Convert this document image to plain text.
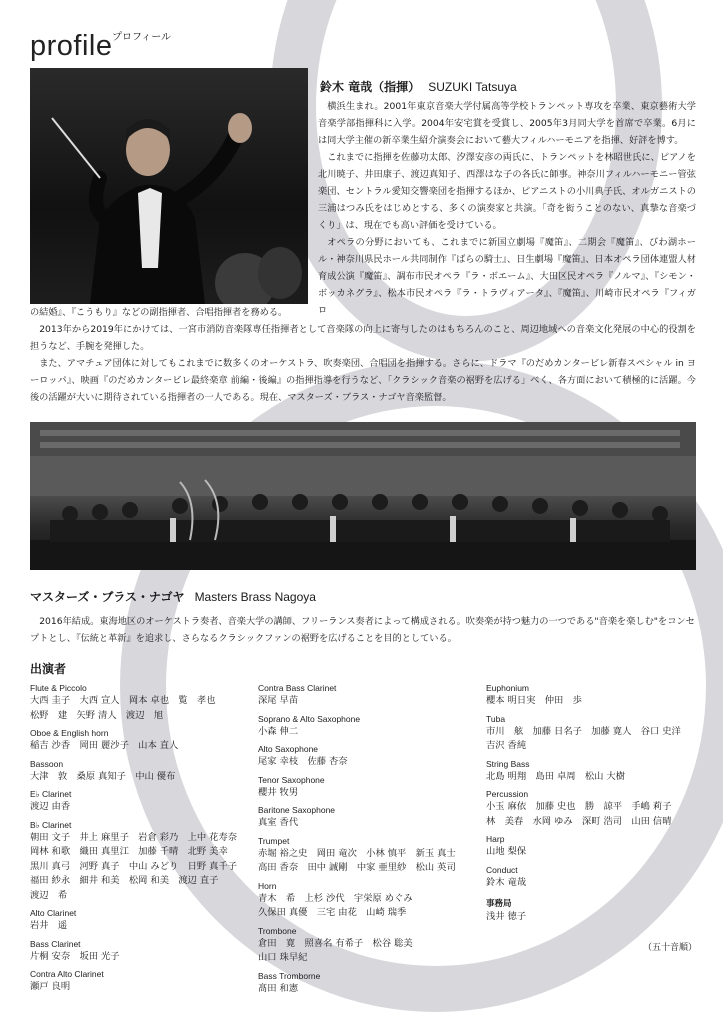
profile プロフィール
鈴木 竜哉（指揮） SUZUKI Tatsuya

横浜生まれ。2001年東京音楽大学付属高等学校トランペット専攻を卒業、東京藝術大学音楽学部指揮科に入学。2004年安宅賞を受賞し、2005年3月同大学を首席で卒業。6月には同大学主催の新卒業生紹介演奏会において藝大フィルハーモニアを指揮、好評を博す。

これまでに指揮を佐藤功太郎、汐澤安彦の両氏に、トランペットを林昭世氏に、ピアノを北川暁子、井田康子、渡辺真知子、西澤はな子の各氏に師事。神奈川フィルハーモニー管弦楽団、セントラル愛知交響楽団を指揮するほか、ピアニストの小川典子氏、オルガニストの三浦はつみ氏をはじめとする、多くの演奏家と共演。「奇を衒うことのない、真摯な音楽づくり」は、現在でも高い評価を受けている。

オペラの分野においても、これまでに新国立劇場『魔笛』、二期会『魔笛』、びわ湖ホール・神奈川県民ホール共同制作『ばらの騎士』、日生劇場『魔笛』、日本オペラ団体連盟人材育成公演『魔笛』、調布市民オペラ『ラ・ボエーム』、大田区民オペラ『ノルマ』、『シモン・ボッカネグラ』、松本市民オペラ『ラ・トラヴィアータ』、『魔笛』、川崎市民オペラ『フィガロ

の結婚』、『こうもり』などの副指揮者、合唱指揮者を務める。

2013年から2019年にかけては、一宮市消防音楽隊専任指揮者として音楽隊の向上に寄与したのはもちろんのこと、周辺地域への音楽文化発展の中心的役割を担うなど、手腕を発揮した。

また、アマチュア団体に対してもこれまでに数多くのオーケストラ、吹奏楽団、合唱団を指揮する。さらに、ドラマ『のだめカンタービレ新春スペシャル in ヨーロッパ』、映画『のだめカンタービレ最終楽章 前編・後編』の指揮指導を行うなど、「クラシック音楽の裾野を広げる」べく、各方面において積極的に活躍。今後の活躍が大いに期待されている指揮者の一人である。現在、マスターズ・ブラス・ナゴヤ音楽監督。

マスターズ・ブラス・ナゴヤ Masters Brass Nagoya

2016年結成。東海地区のオーケストラ奏者、音楽大学の講師、フリーランス奏者によって構成される。吹奏楽が持つ魅力の一つである"音楽を楽しむ"をコンセプトとし、『伝統と革新』を追求し、さらなるクラシックファンの裾野を広げることを目的としている。

出演者
Flute & Piccolo
大西 圭子　大西 宣人　岡本 卓也　覧　孝也
松野　建　矢野 清人　渡辺　旭
Oboe & English horn
稲吉 沙香　岡田 麗沙子　山本 直人
Bassoon
大津　敦　桑原 真知子　中山 優布
E♭ Clarinet
渡辺 由香
B♭ Clarinet
朝田 文子　井上 麻里子　岩倉 彩乃　上中 花寿奈
岡林 和歌　織田 真里江　加藤 千晴　北野 美幸
黒川 真弓　河野 真子　中山 みどり　日野 真千子
福田 紗永　細井 和美　松岡 和美　渡辺 直子
渡辺　希
Alto Clarinet
岩井　遥
Bass Clarinet
片桐 安奈　坂田 光子
Contra Alto Clarinet
瀬戸 良明
Contra Bass Clarinet
深尾 早苗
Soprano & Alto Saxophone
小森 伸二
Alto Saxophone
尾家 幸枝　佐藤 杏奈
Tenor Saxophone
櫻井 牧男
Baritone Saxophone
真室 香代
Trumpet
赤堀 裕之史　岡田 竜次　小林 慎平　新玉 真士
高田 香奈　田中 誠剛　中家 亜里紗　松山 英司
Horn
青木　希　上杉 沙代　宇栄原 めぐみ
久保田 真優　三宅 由花　山崎 瑞季
Trombone
倉田　寛　照喜名 有希子　松谷 聡美
山口 珠早紀
Bass Tromborne
髙田 和憲
Euphonium
櫻本 明日実　仲田　歩
Tuba
市川　舷　加藤 日名子　加藤 寛人　谷口 史洋
吉沢 香純
String Bass
北島 明翔　島田 卓周　松山 大樹
Percussion
小玉 麻依　加藤 史也　勝　諒平　手嶋 莉子
林　美春　水岡 ゆみ　深町 浩司　山田 信晴
Harp
山地 梨保
Conduct
鈴木 竜哉
事務局
浅井 徳子
（五十音順）
